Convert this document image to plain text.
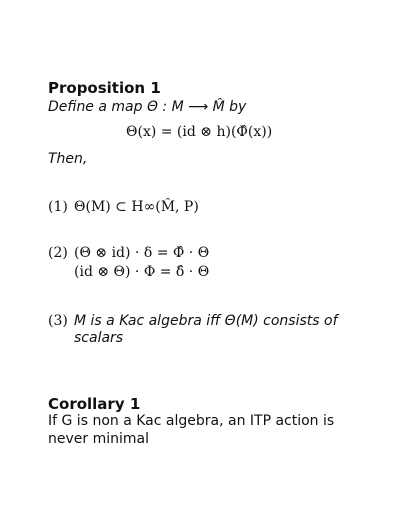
Proposition 1
Define a map Θ : M ⟶ M̂ by
Θ(x) = (id ⊗ h)(Φ̂(x))
Then,
(1) Θ(M) ⊂ H∞(M̂, P)
(2) (Θ ⊗ id) · δ = Φ̂ · Θ
(id ⊗ Θ) · Φ = δ̂ · Θ
(3) M is a Kac algebra iff Θ(M) consists of
scalars
Corollary 1
If G is non a Kac algebra, an ITP action is
never minimal
